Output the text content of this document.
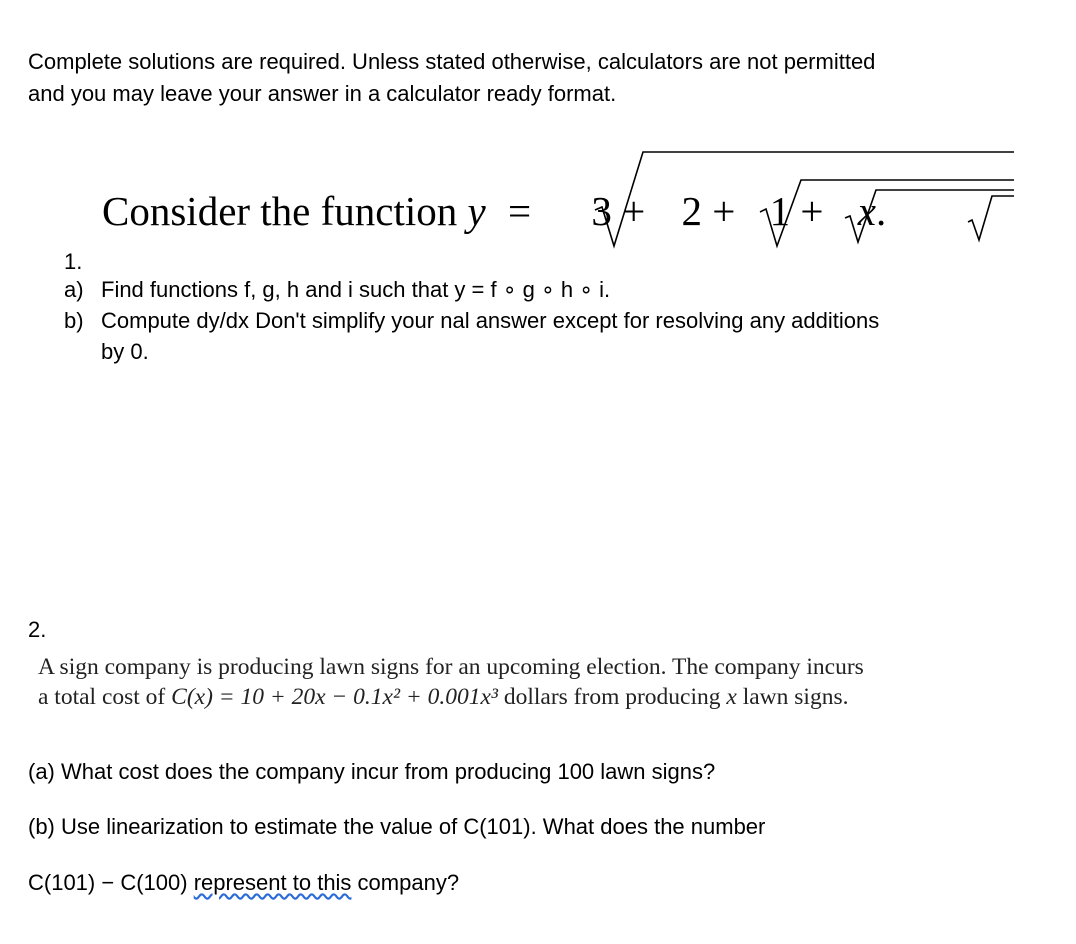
Complete solutions are required. Unless stated otherwise, calculators are not permitted
and you may leave your answer in a calculator ready format.
Consider the function y = 3 + 2 + 1 + x.
1.
a) Find functions f, g, h and i such that y = f ∘ g ∘ h ∘ i.
b) Compute dy/dx Don't simplify your nal answer except for resolving any additions
by 0.
2.
A sign company is producing lawn signs for an upcoming election. The company incurs
a total cost of C(x) = 10 + 20x − 0.1x² + 0.001x³ dollars from producing x lawn signs.
(a) What cost does the company incur from producing 100 lawn signs?
(b) Use linearization to estimate the value of C(101). What does the number
C(101) − C(100) represent to this company?
